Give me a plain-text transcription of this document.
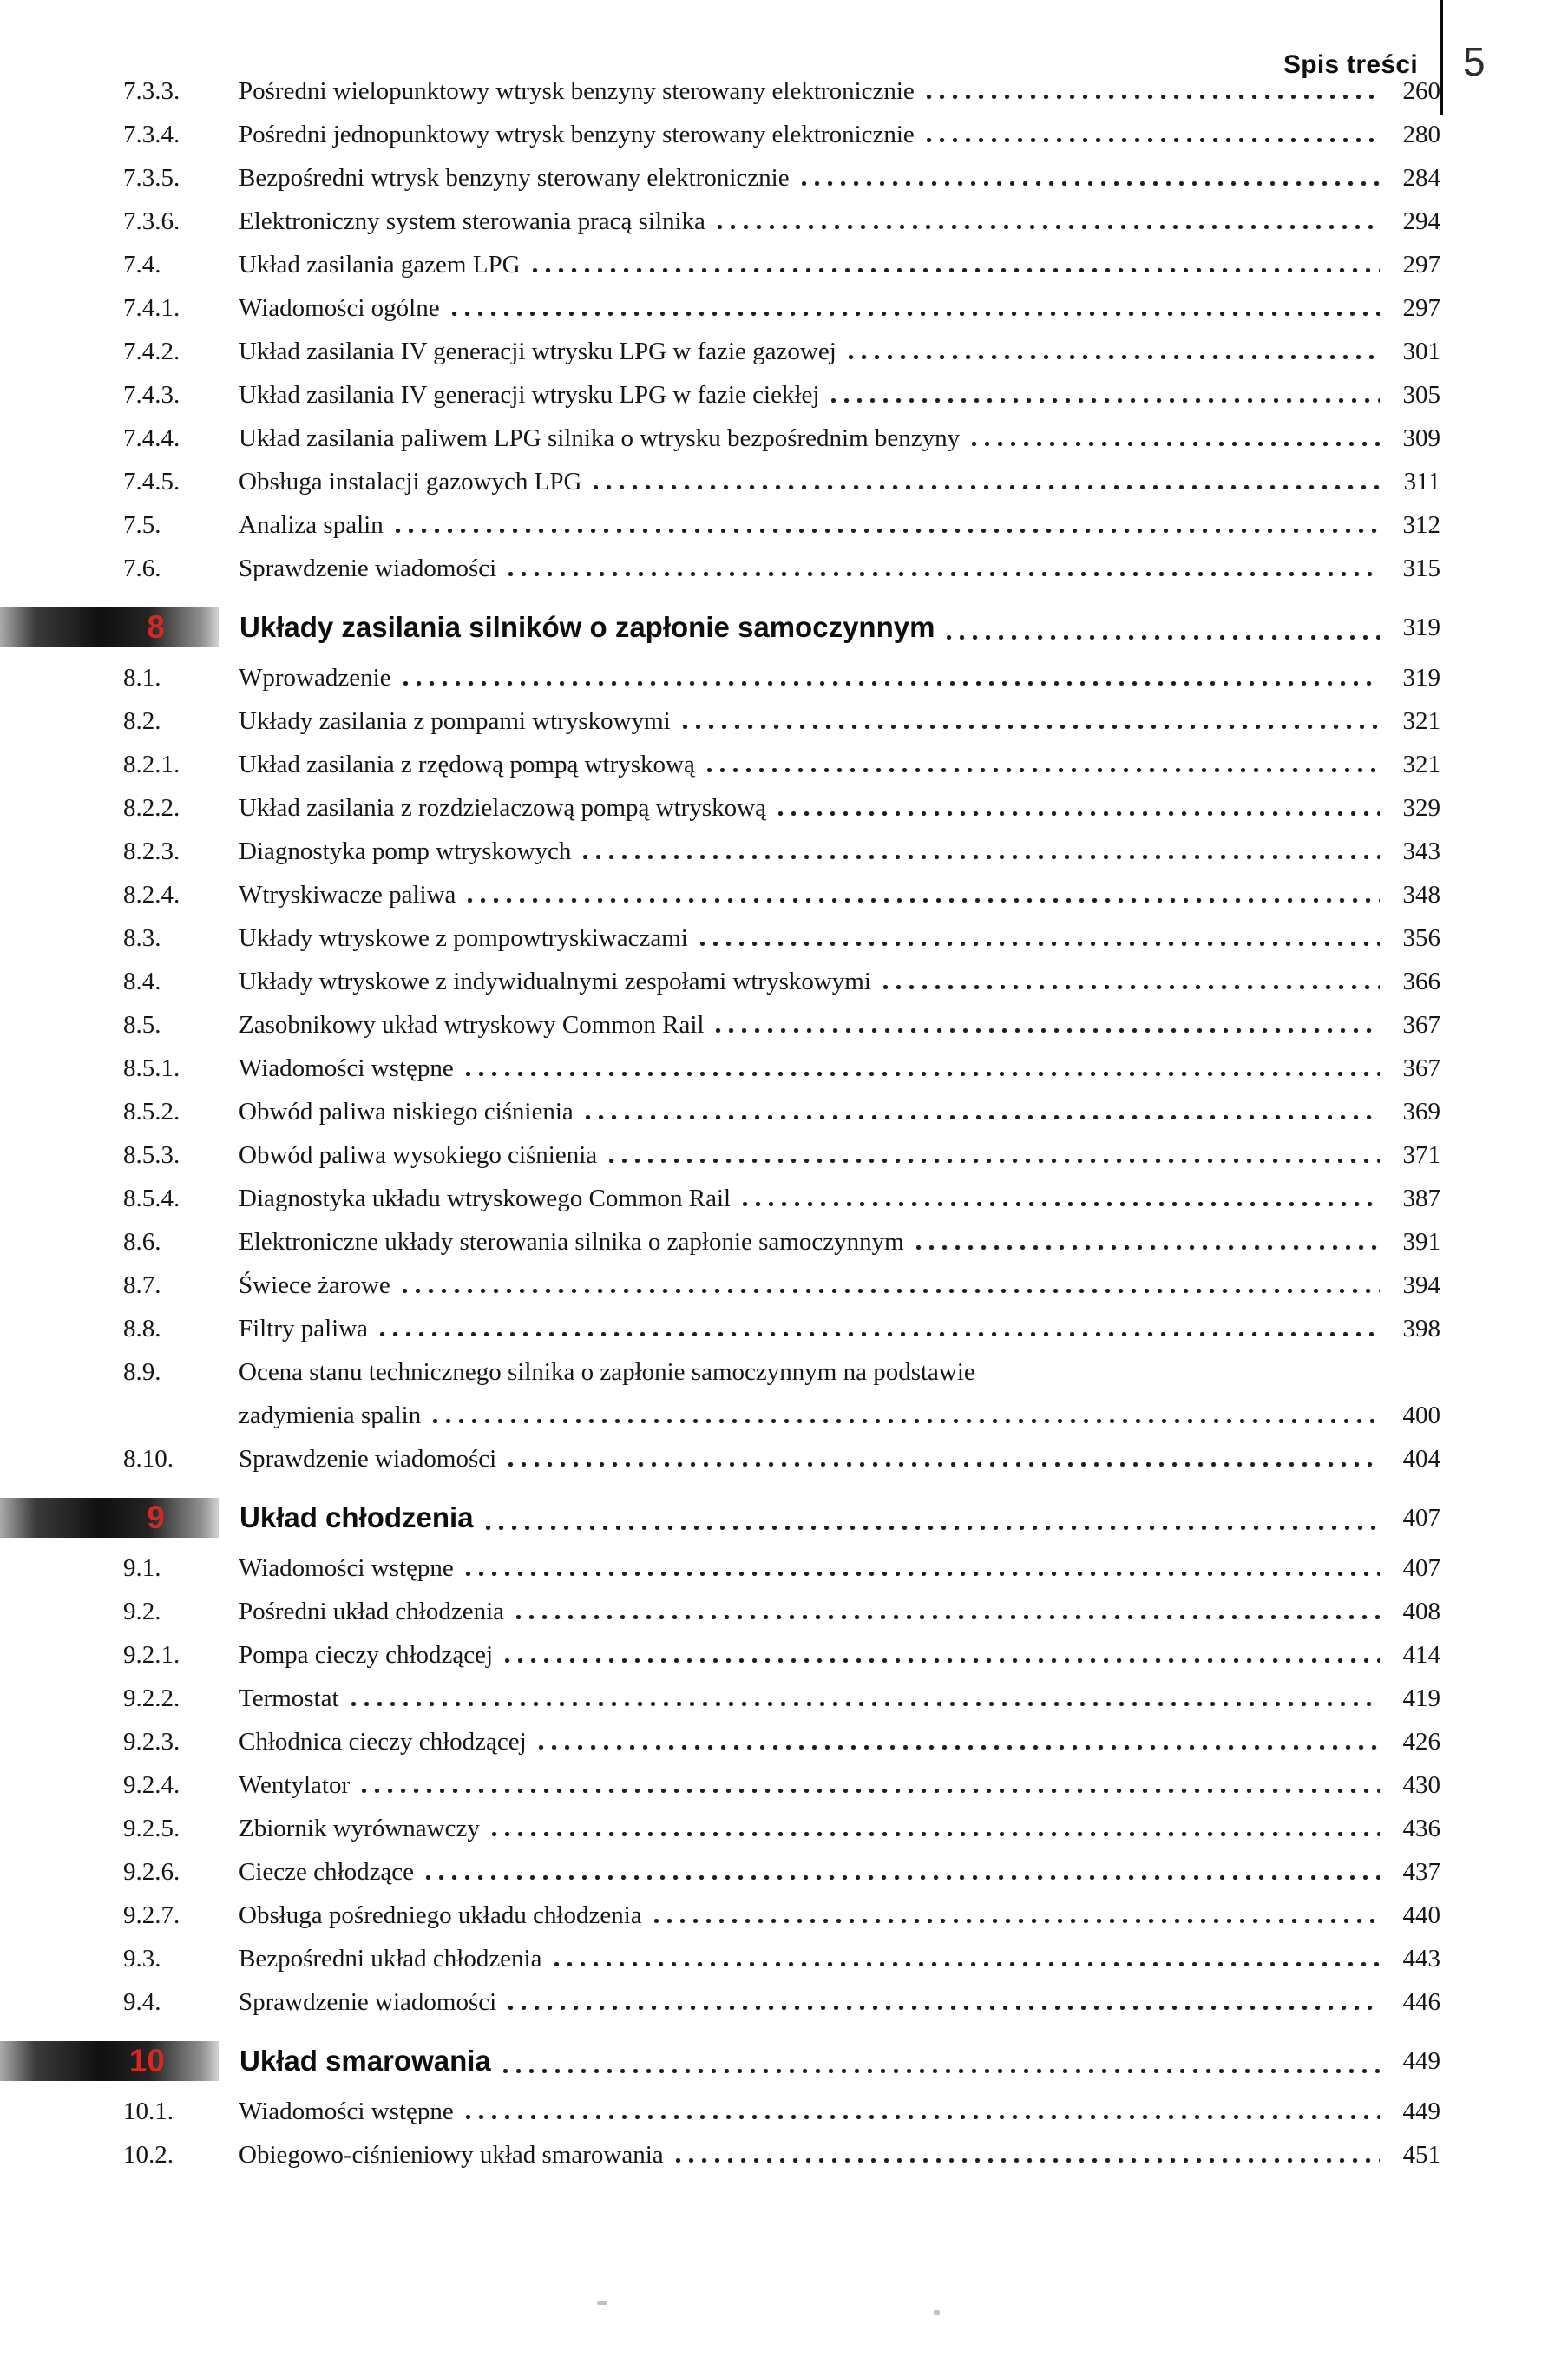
Spis treści 5
7.3.3.	Pośredni wielopunktowy wtrysk benzyny sterowany elektronicznie	260
7.3.4.	Pośredni jednopunktowy wtrysk benzyny sterowany elektronicznie	280
7.3.5.	Bezpośredni wtrysk benzyny sterowany elektronicznie	284
7.3.6.	Elektroniczny system sterowania pracą silnika	294
7.4.	Układ zasilania gazem LPG	297
7.4.1.	Wiadomości ogólne	297
7.4.2.	Układ zasilania IV generacji wtrysku LPG w fazie gazowej	301
7.4.3.	Układ zasilania IV generacji wtrysku LPG w fazie ciekłej	305
7.4.4.	Układ zasilania paliwem LPG silnika o wtrysku bezpośrednim benzyny	309
7.4.5.	Obsługa instalacji gazowych LPG	311
7.5.	Analiza spalin	312
7.6.	Sprawdzenie wiadomości	315
8	Układy zasilania silników o zapłonie samoczynnym	319
8.1.	Wprowadzenie	319
8.2.	Układy zasilania z pompami wtryskowymi	321
8.2.1.	Układ zasilania z rzędową pompą wtryskową	321
8.2.2.	Układ zasilania z rozdzielaczową pompą wtryskową	329
8.2.3.	Diagnostyka pomp wtryskowych	343
8.2.4.	Wtryskiwacze paliwa	348
8.3.	Układy wtryskowe z pompowtryskiwaczami	356
8.4.	Układy wtryskowe z indywidualnymi zespołami wtryskowymi	366
8.5.	Zasobnikowy układ wtryskowy Common Rail	367
8.5.1.	Wiadomości wstępne	367
8.5.2.	Obwód paliwa niskiego ciśnienia	369
8.5.3.	Obwód paliwa wysokiego ciśnienia	371
8.5.4.	Diagnostyka układu wtryskowego Common Rail	387
8.6.	Elektroniczne układy sterowania silnika o zapłonie samoczynnym	391
8.7.	Świece żarowe	394
8.8.	Filtry paliwa	398
8.9.	Ocena stanu technicznego silnika o zapłonie samoczynnym na podstawie
zadymienia spalin	400
8.10.	Sprawdzenie wiadomości	404
9	Układ chłodzenia	407
9.1.	Wiadomości wstępne	407
9.2.	Pośredni układ chłodzenia	408
9.2.1.	Pompa cieczy chłodzącej	414
9.2.2.	Termostat	419
9.2.3.	Chłodnica cieczy chłodzącej	426
9.2.4.	Wentylator	430
9.2.5.	Zbiornik wyrównawczy	436
9.2.6.	Ciecze chłodzące	437
9.2.7.	Obsługa pośredniego układu chłodzenia	440
9.3.	Bezpośredni układ chłodzenia	443
9.4.	Sprawdzenie wiadomości	446
10	Układ smarowania	449
10.1.	Wiadomości wstępne	449
10.2.	Obiegowo-ciśnieniowy układ smarowania	451
